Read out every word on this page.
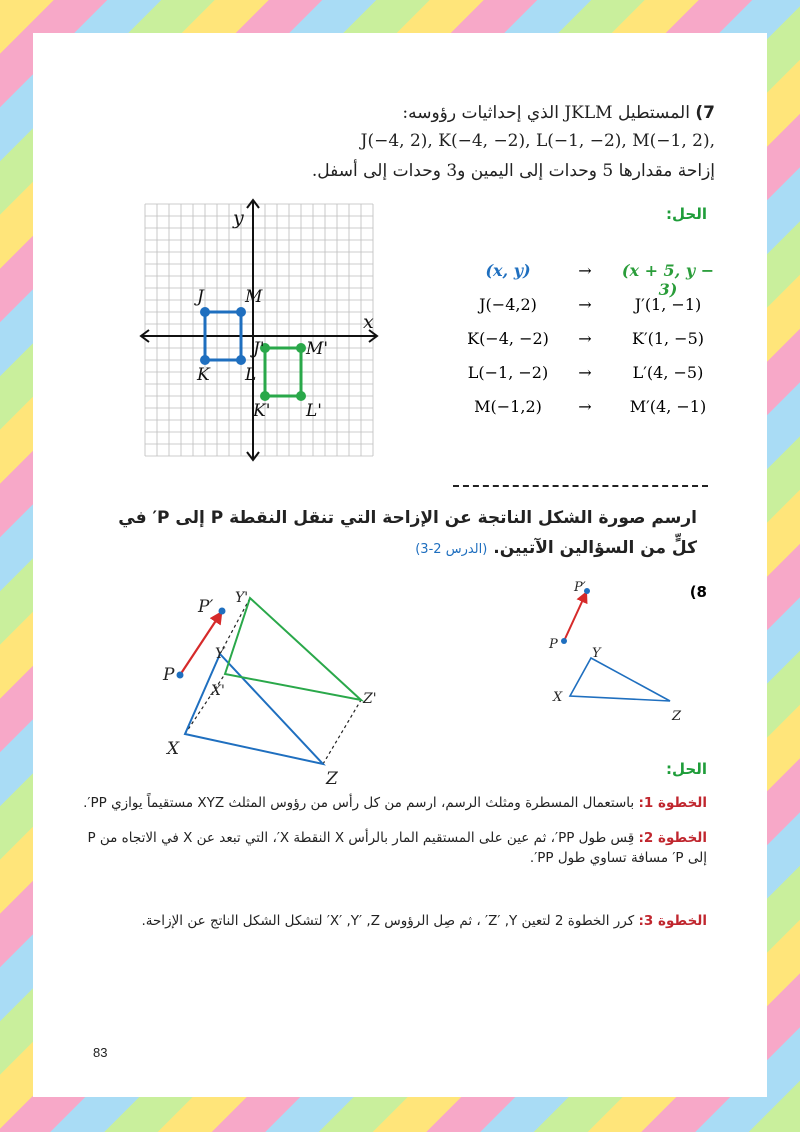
7) المستطيل JKLM الذي إحداثيات رؤوسه:
J(−4, 2), K(−4, −2), L(−1, −2), M(−1, 2),
إزاحة مقدارها 5 وحدات إلى اليمين و3 وحدات إلى أسفل.
x
y
J M
K L
J' M'
K' L'
الحل:
(x, y)	→	(x + 5, y − 3)
J(−4,2)	→	J′(1, −1)
K(−4, −2)	→	K′(1, −5)
L(−1, −2)	→	L′(4, −5)
M(−1,2)	→	M′(4, −1)
ارسم صورة الشكل الناتجة عن الإزاحة التي تنقل النقطة P إلى P′ في
كلٍّ من السؤالين الآتيين. (الدرس 2-3)
P
P′
X
Y
Z
X'
Y'
Z'
P
P′
X
Y
Z
(8
الحل:
الخطوة 1: باستعمال المسطرة ومثلث الرسم، ارسم من كل رأس من رؤوس المثلث XYZ مستقيماً يوازي PP′.
الخطوة 2: قِس طول PP′، ثم عين على المستقيم المار بالرأس X النقطة X′، التي تبعد عن X في الاتجاه من P إلى P′ مسافة تساوي طول PP′.
الخطوة 3: كرر الخطوة 2 لتعين Z′ ,Y′ ، ثم صِل الرؤوس X′ ,Y′ ,Z′ لتشكل الشكل الناتج عن الإزاحة.
83
